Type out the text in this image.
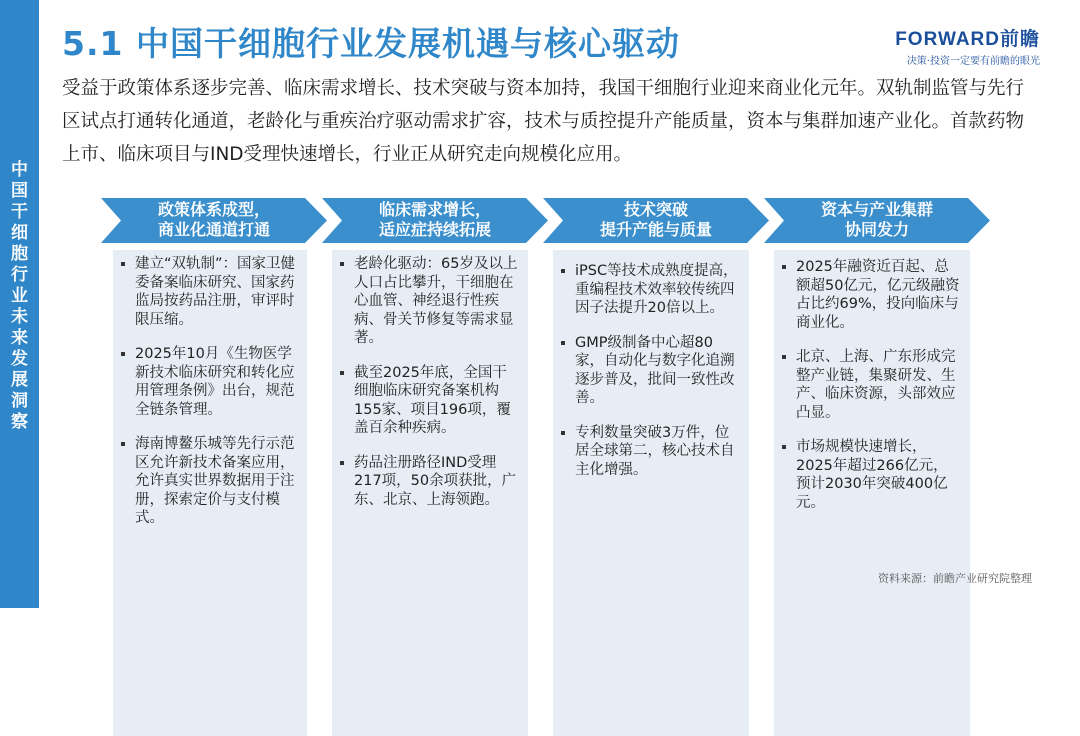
中国干细胞行业未来发展洞察
5.1 中国干细胞行业发展机遇与核心驱动	FORWARD前瞻
决策·投资一定要有前瞻的眼光
受益于政策体系逐步完善、临床需求增长、技术突破与资本加持，我国干细胞行业迎来商业化元年。双轨制监管与先行区试点打通转化通道，老龄化与重疾治疗驱动需求扩容，技术与质控提升产能质量，资本与集群加速产业化。首款药物上市、临床项目与IND受理快速增长，行业正从研究走向规模化应用。
政策体系成型，
商业化通道打通
建立“双轨制”：国家卫健委备案临床研究、国家药监局按药品注册，审评时限压缩。
2025年10月《生物医学新技术临床研究和转化应用管理条例》出台，规范全链条管理。
海南博鳌乐城等先行示范区允许新技术备案应用，允许真实世界数据用于注册，探索定价与支付模式。
临床需求增长，
适应症持续拓展
老龄化驱动：65岁及以上人口占比攀升，干细胞在心血管、神经退行性疾病、骨关节修复等需求显著。
截至2025年底，全国干细胞临床研究备案机构155家、项目196项，覆盖百余种疾病。
药品注册路径IND受理217项，50余项获批，广东、北京、上海领跑。
技术突破
提升产能与质量
iPSC等技术成熟度提高，重编程技术效率较传统四因子法提升20倍以上。
GMP级制备中心超80家，自动化与数字化追溯逐步普及，批间一致性改善。
专利数量突破3万件，位居全球第二，核心技术自主化增强。
资本与产业集群
协同发力
2025年融资近百起、总额超50亿元，亿元级融资占比约69%，投向临床与商业化。
北京、上海、广东形成完整产业链，集聚研发、生产、临床资源，头部效应凸显。
市场规模快速增长，2025年超过266亿元，预计2030年突破400亿元。
资料来源：前瞻产业研究院整理
